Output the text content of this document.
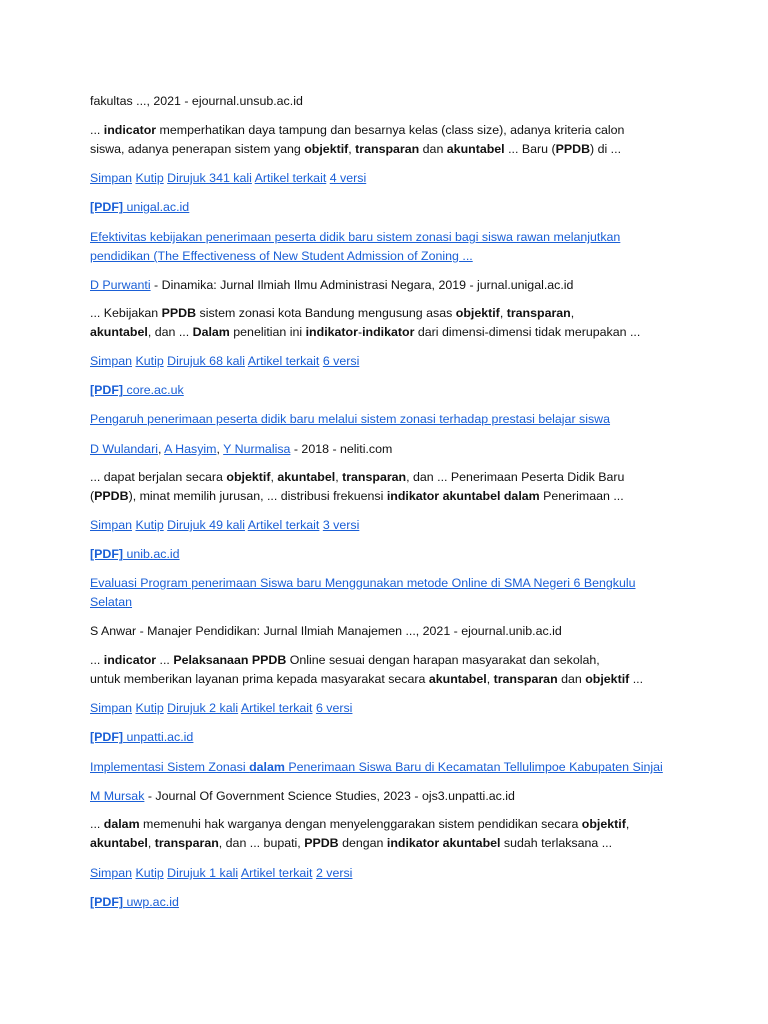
fakultas ..., 2021 - ejournal.unsub.ac.id
... indicator memperhatikan daya tampung dan besarnya kelas (class size), adanya kriteria calon
siswa, adanya penerapan sistem yang objektif, transparan dan akuntabel ... Baru (PPDB) di ...
Simpan Kutip Dirujuk 341 kali Artikel terkait 4 versi
[PDF] unigal.ac.id
Efektivitas kebijakan penerimaan peserta didik baru sistem zonasi bagi siswa rawan melanjutkan
pendidikan (The Effectiveness of New Student Admission of Zoning ...
D Purwanti - Dinamika: Jurnal Ilmiah Ilmu Administrasi Negara, 2019 - jurnal.unigal.ac.id
... Kebijakan PPDB sistem zonasi kota Bandung mengusung asas objektif, transparan,
akuntabel, dan ... Dalam penelitian ini indikator-indikator dari dimensi-dimensi tidak merupakan ...
Simpan Kutip Dirujuk 68 kali Artikel terkait 6 versi
[PDF] core.ac.uk
Pengaruh penerimaan peserta didik baru melalui sistem zonasi terhadap prestasi belajar siswa
D Wulandari, A Hasyim, Y Nurmalisa - 2018 - neliti.com
... dapat berjalan secara objektif, akuntabel, transparan, dan ... Penerimaan Peserta Didik Baru
(PPDB), minat memilih jurusan, ... distribusi frekuensi indikator akuntabel dalam Penerimaan ...
Simpan Kutip Dirujuk 49 kali Artikel terkait 3 versi
[PDF] unib.ac.id
Evaluasi Program penerimaan Siswa baru Menggunakan metode Online di SMA Negeri 6 Bengkulu
Selatan
S Anwar - Manajer Pendidikan: Jurnal Ilmiah Manajemen ..., 2021 - ejournal.unib.ac.id
... indicator ... Pelaksanaan PPDB Online sesuai dengan harapan masyarakat dan sekolah,
untuk memberikan layanan prima kepada masyarakat secara akuntabel, transparan dan objektif ...
Simpan Kutip Dirujuk 2 kali Artikel terkait 6 versi
[PDF] unpatti.ac.id
Implementasi Sistem Zonasi dalam Penerimaan Siswa Baru di Kecamatan Tellulimpoe Kabupaten Sinjai
M Mursak - Journal Of Government Science Studies, 2023 - ojs3.unpatti.ac.id
... dalam memenuhi hak warganya dengan menyelenggarakan sistem pendidikan secara objektif,
akuntabel, transparan, dan ... bupati, PPDB dengan indikator akuntabel sudah terlaksana ...
Simpan Kutip Dirujuk 1 kali Artikel terkait 2 versi
[PDF] uwp.ac.id
